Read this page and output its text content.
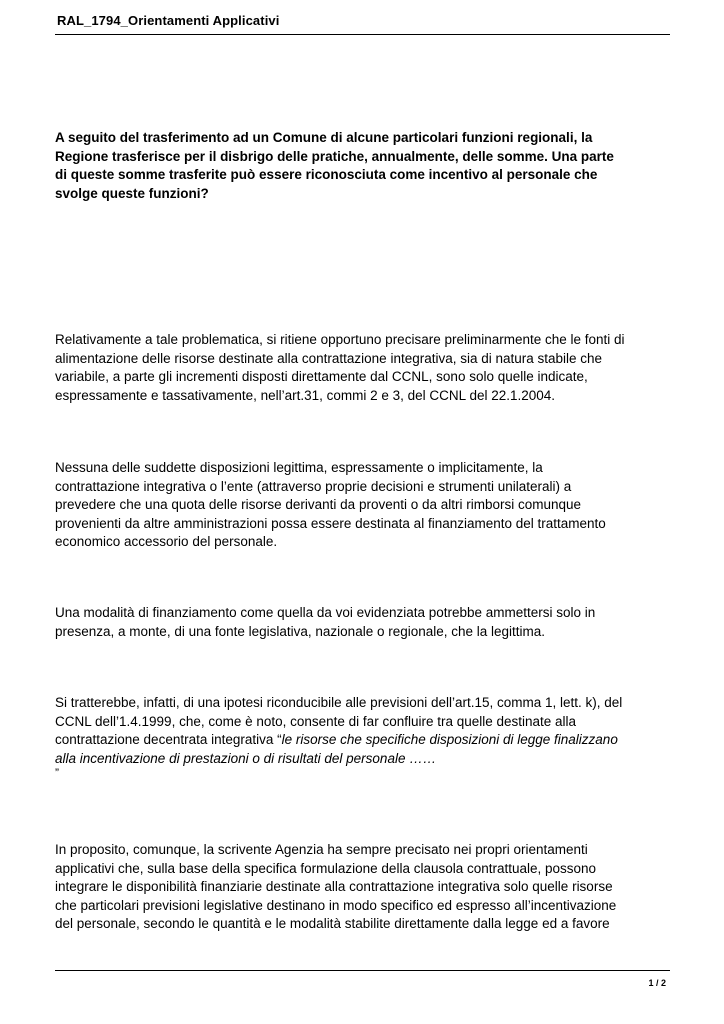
RAL_1794_Orientamenti Applicativi
A seguito del trasferimento ad un Comune di alcune particolari funzioni regionali, la
Regione trasferisce per il disbrigo delle pratiche, annualmente, delle somme. Una parte
di queste somme trasferite può essere riconosciuta come incentivo al personale che
svolge queste funzioni?
Relativamente a tale problematica, si ritiene opportuno precisare preliminarmente che le fonti di
alimentazione delle risorse destinate alla contrattazione integrativa, sia di natura stabile che
variabile, a parte gli incrementi disposti direttamente dal CCNL, sono solo quelle indicate,
espressamente e tassativamente, nell’art.31, commi 2 e 3, del CCNL del 22.1.2004.
Nessuna delle suddette disposizioni legittima, espressamente o implicitamente, la
contrattazione integrativa o l’ente (attraverso proprie decisioni e strumenti unilaterali) a
prevedere che una quota delle risorse derivanti da proventi o da altri rimborsi comunque
provenienti da altre amministrazioni possa essere destinata al finanziamento del trattamento
economico accessorio del personale.
Una modalità di finanziamento come quella da voi evidenziata potrebbe ammettersi solo in
presenza, a monte, di una fonte legislativa, nazionale o regionale, che la legittima.
Si tratterebbe, infatti, di una ipotesi riconducibile alle previsioni dell’art.15, comma 1, lett. k), del
CCNL dell’1.4.1999, che, come è noto, consente di far confluire tra quelle destinate alla
contrattazione decentrata integrativa “le risorse che specifiche disposizioni di legge finalizzano
alla incentivazione di prestazioni o di risultati del personale ……
”
In proposito, comunque, la scrivente Agenzia ha sempre precisato nei propri orientamenti
applicativi che, sulla base della specifica formulazione della clausola contrattuale, possono
integrare le disponibilità finanziarie destinate alla contrattazione integrativa solo quelle risorse
che particolari previsioni legislative destinano in modo specifico ed espresso all’incentivazione
del personale, secondo le quantità e le modalità stabilite direttamente dalla legge ed a favore
1 / 2
